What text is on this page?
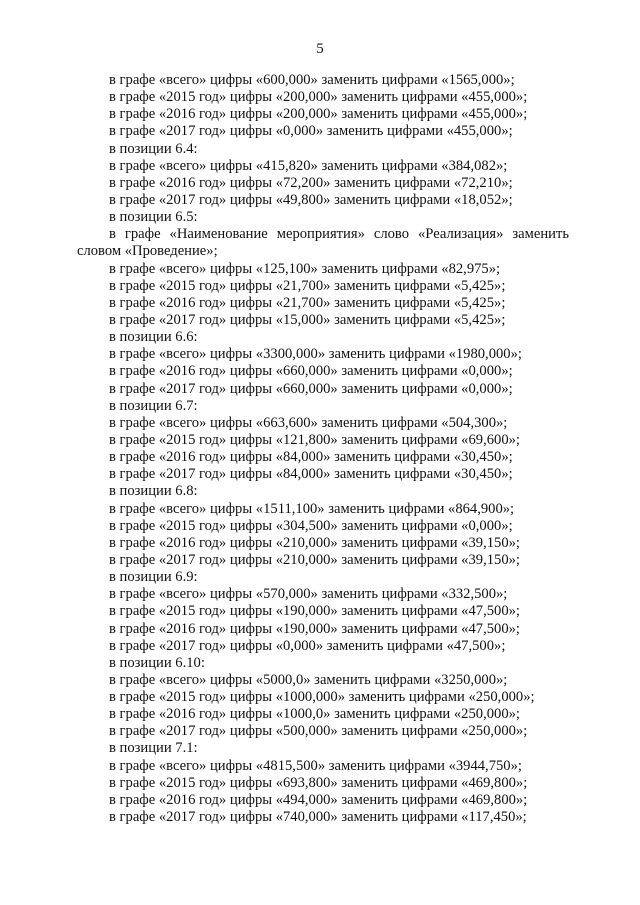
5
в графе «всего» цифры «600,000» заменить цифрами «1565,000»;
в графе «2015 год» цифры «200,000» заменить цифрами «455,000»;
в графе «2016 год» цифры «200,000» заменить цифрами «455,000»;
в графе «2017 год» цифры «0,000» заменить цифрами «455,000»;
в позиции 6.4:
в графе «всего» цифры «415,820» заменить цифрами «384,082»;
в графе «2016 год» цифры «72,200» заменить цифрами «72,210»;
в графе «2017 год» цифры «49,800» заменить цифрами «18,052»;
в позиции 6.5:
в графе «Наименование мероприятия» слово «Реализация» заменить
словом «Проведение»;
в графе «всего» цифры «125,100» заменить цифрами «82,975»;
в графе «2015 год» цифры «21,700» заменить цифрами «5,425»;
в графе «2016 год» цифры «21,700» заменить цифрами «5,425»;
в графе «2017 год» цифры «15,000» заменить цифрами «5,425»;
в позиции 6.6:
в графе «всего» цифры «3300,000» заменить цифрами «1980,000»;
в графе «2016 год» цифры «660,000» заменить цифрами «0,000»;
в графе «2017 год» цифры «660,000» заменить цифрами «0,000»;
в позиции 6.7:
в графе «всего» цифры «663,600» заменить цифрами «504,300»;
в графе «2015 год» цифры «121,800» заменить цифрами «69,600»;
в графе «2016 год» цифры «84,000» заменить цифрами «30,450»;
в графе «2017 год» цифры «84,000» заменить цифрами «30,450»;
в позиции 6.8:
в графе «всего» цифры «1511,100» заменить цифрами «864,900»;
в графе «2015 год» цифры «304,500» заменить цифрами «0,000»;
в графе «2016 год» цифры «210,000» заменить цифрами «39,150»;
в графе «2017 год» цифры «210,000» заменить цифрами «39,150»;
в позиции 6.9:
в графе «всего» цифры «570,000» заменить цифрами «332,500»;
в графе «2015 год» цифры «190,000» заменить цифрами «47,500»;
в графе «2016 год» цифры «190,000» заменить цифрами «47,500»;
в графе «2017 год» цифры «0,000» заменить цифрами «47,500»;
в позиции 6.10:
в графе «всего» цифры «5000,0» заменить цифрами «3250,000»;
в графе «2015 год» цифры «1000,000» заменить цифрами «250,000»;
в графе «2016 год» цифры «1000,0» заменить цифрами «250,000»;
в графе «2017 год» цифры «500,000» заменить цифрами «250,000»;
в позиции 7.1:
в графе «всего» цифры «4815,500» заменить цифрами «3944,750»;
в графе «2015 год» цифры «693,800» заменить цифрами «469,800»;
в графе «2016 год» цифры «494,000» заменить цифрами «469,800»;
в графе «2017 год» цифры «740,000» заменить цифрами «117,450»;
